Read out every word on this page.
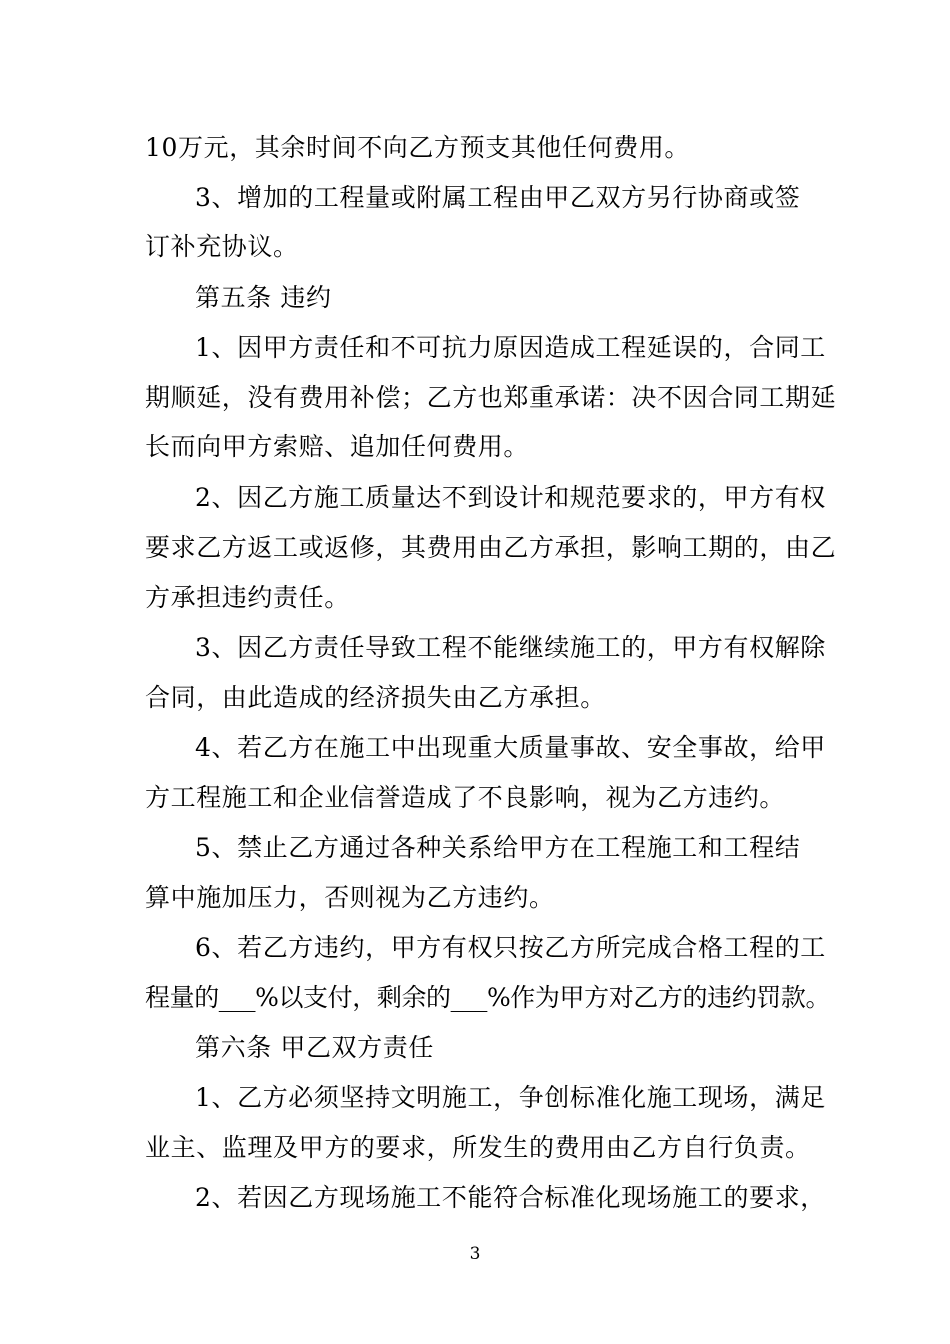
10万元，其余时间不向乙方预支其他任何费用。
3、增加的工程量或附属工程由甲乙双方另行协商或签
订补充协议。
第五条 违约
1、因甲方责任和不可抗力原因造成工程延误的，合同工
期顺延，没有费用补偿；乙方也郑重承诺：决不因合同工期延
长而向甲方索赔、追加任何费用。
2、因乙方施工质量达不到设计和规范要求的，甲方有权
要求乙方返工或返修，其费用由乙方承担，影响工期的，由乙
方承担违约责任。
3、因乙方责任导致工程不能继续施工的，甲方有权解除
合同，由此造成的经济损失由乙方承担。
4、若乙方在施工中出现重大质量事故、安全事故，给甲
方工程施工和企业信誉造成了不良影响，视为乙方违约。
5、禁止乙方通过各种关系给甲方在工程施工和工程结
算中施加压力，否则视为乙方违约。
6、若乙方违约，甲方有权只按乙方所完成合格工程的工
程量的___%以支付，剩余的___%作为甲方对乙方的违约罚款。
第六条 甲乙双方责任
1、乙方必须坚持文明施工，争创标准化施工现场，满足
业主、监理及甲方的要求，所发生的费用由乙方自行负责。
2、若因乙方现场施工不能符合标准化现场施工的要求，
3
